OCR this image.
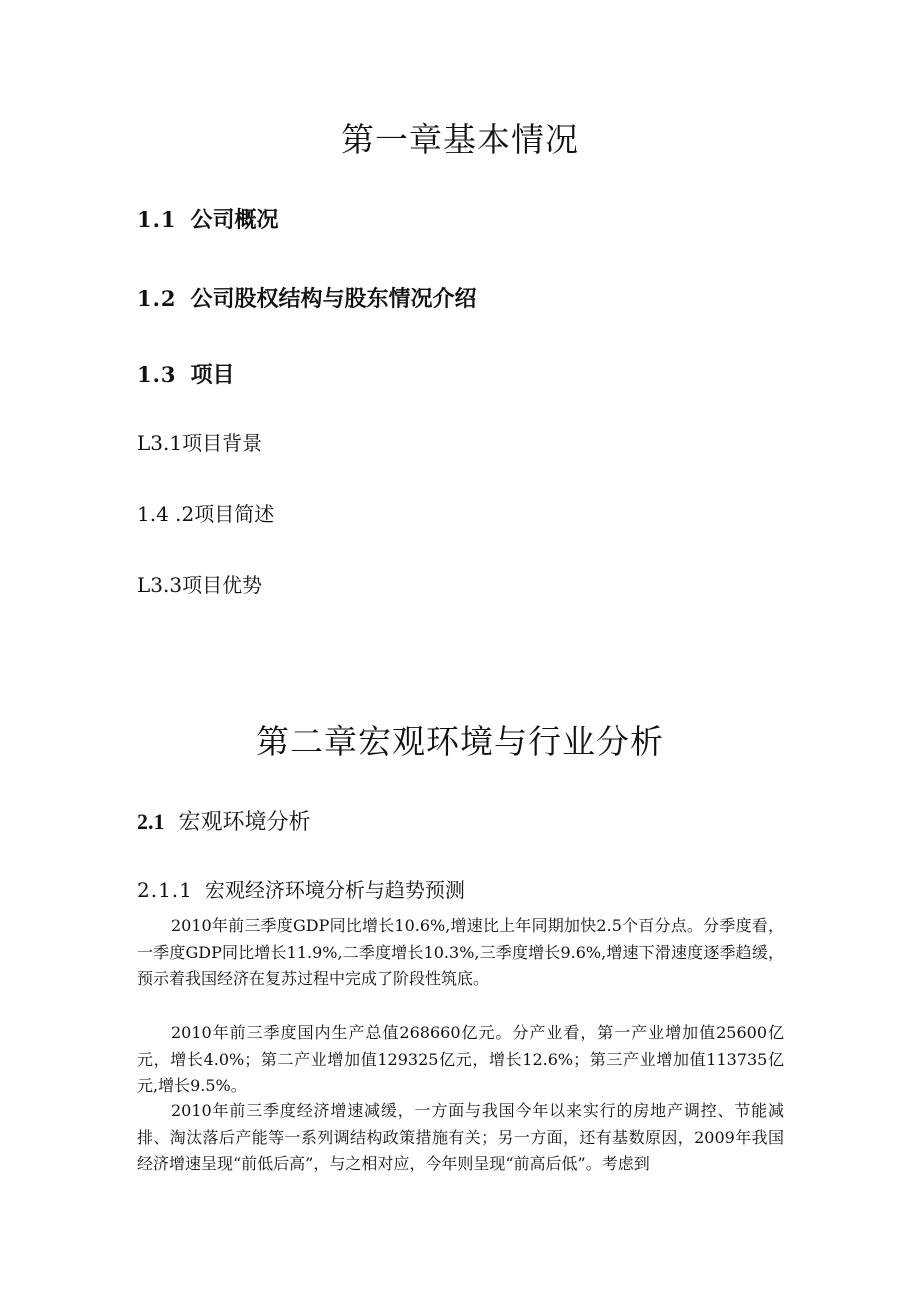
第一章基本情况
1.1 公司概况
1.2 公司股权结构与股东情况介绍
1.3 项目

L3.1项目背景

1.4 .2项目简述

L3.3项目优势

第二章宏观环境与行业分析
2.1 宏观环境分析

2.1.1 宏观经济环境分析与趋势预测

2010年前三季度GDP同比增长10.6%,增速比上年同期加快2.5个百分点。分季度看，一季度GDP同比增长11.9%,二季度增长10.3%,三季度增长9.6%,增速下滑速度逐季趋缓，预示着我国经济在复苏过程中完成了阶段性筑底。

2010年前三季度国内生产总值268660亿元。分产业看，第一产业增加值25600亿元，增长4.0%；第二产业增加值129325亿元，增长12.6%；第三产业增加值113735亿元,增长9.5%。

2010年前三季度经济增速减缓，一方面与我国今年以来实行的房地产调控、节能减排、淘汰落后产能等一系列调结构政策措施有关；另一方面，还有基数原因，2009年我国经济增速呈现“前低后高”，与之相对应，今年则呈现“前高后低”。考虑到
